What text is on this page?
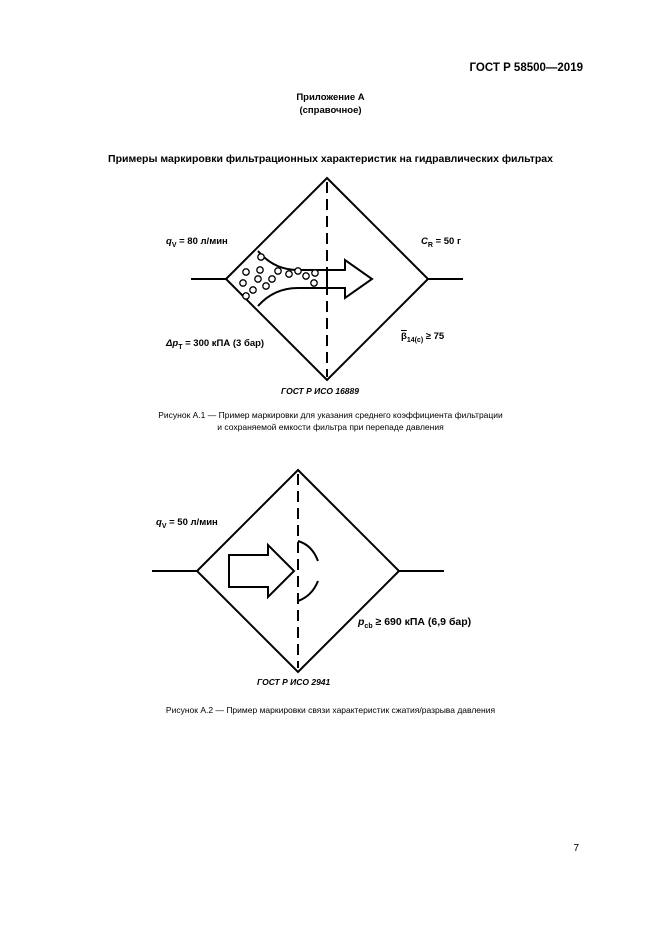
ГОСТ Р 58500—2019
Приложение А
(справочное)
Примеры маркировки фильтрационных характеристик на гидравлических фильтрах
$q_V = 80$ л/мин	$C_R = 50$ г
$\Delta p_T = 300$ кПА (3 бар)
$\overline{\beta}_{14(c)} \ge 75$
ГОСТ Р ИСО 16889
Рисунок А.1 — Пример маркировки для указания среднего коэффициента фильтрации
и сохраняемой емкости фильтра при перепаде давления
$q_V = 50$ л/мин
$p_{cb} \ge 690$ кПА (6,9 бар)
ГОСТ Р ИСО 2941
Рисунок А.2 — Пример маркировки связи характеристик сжатия/разрыва давления
7
